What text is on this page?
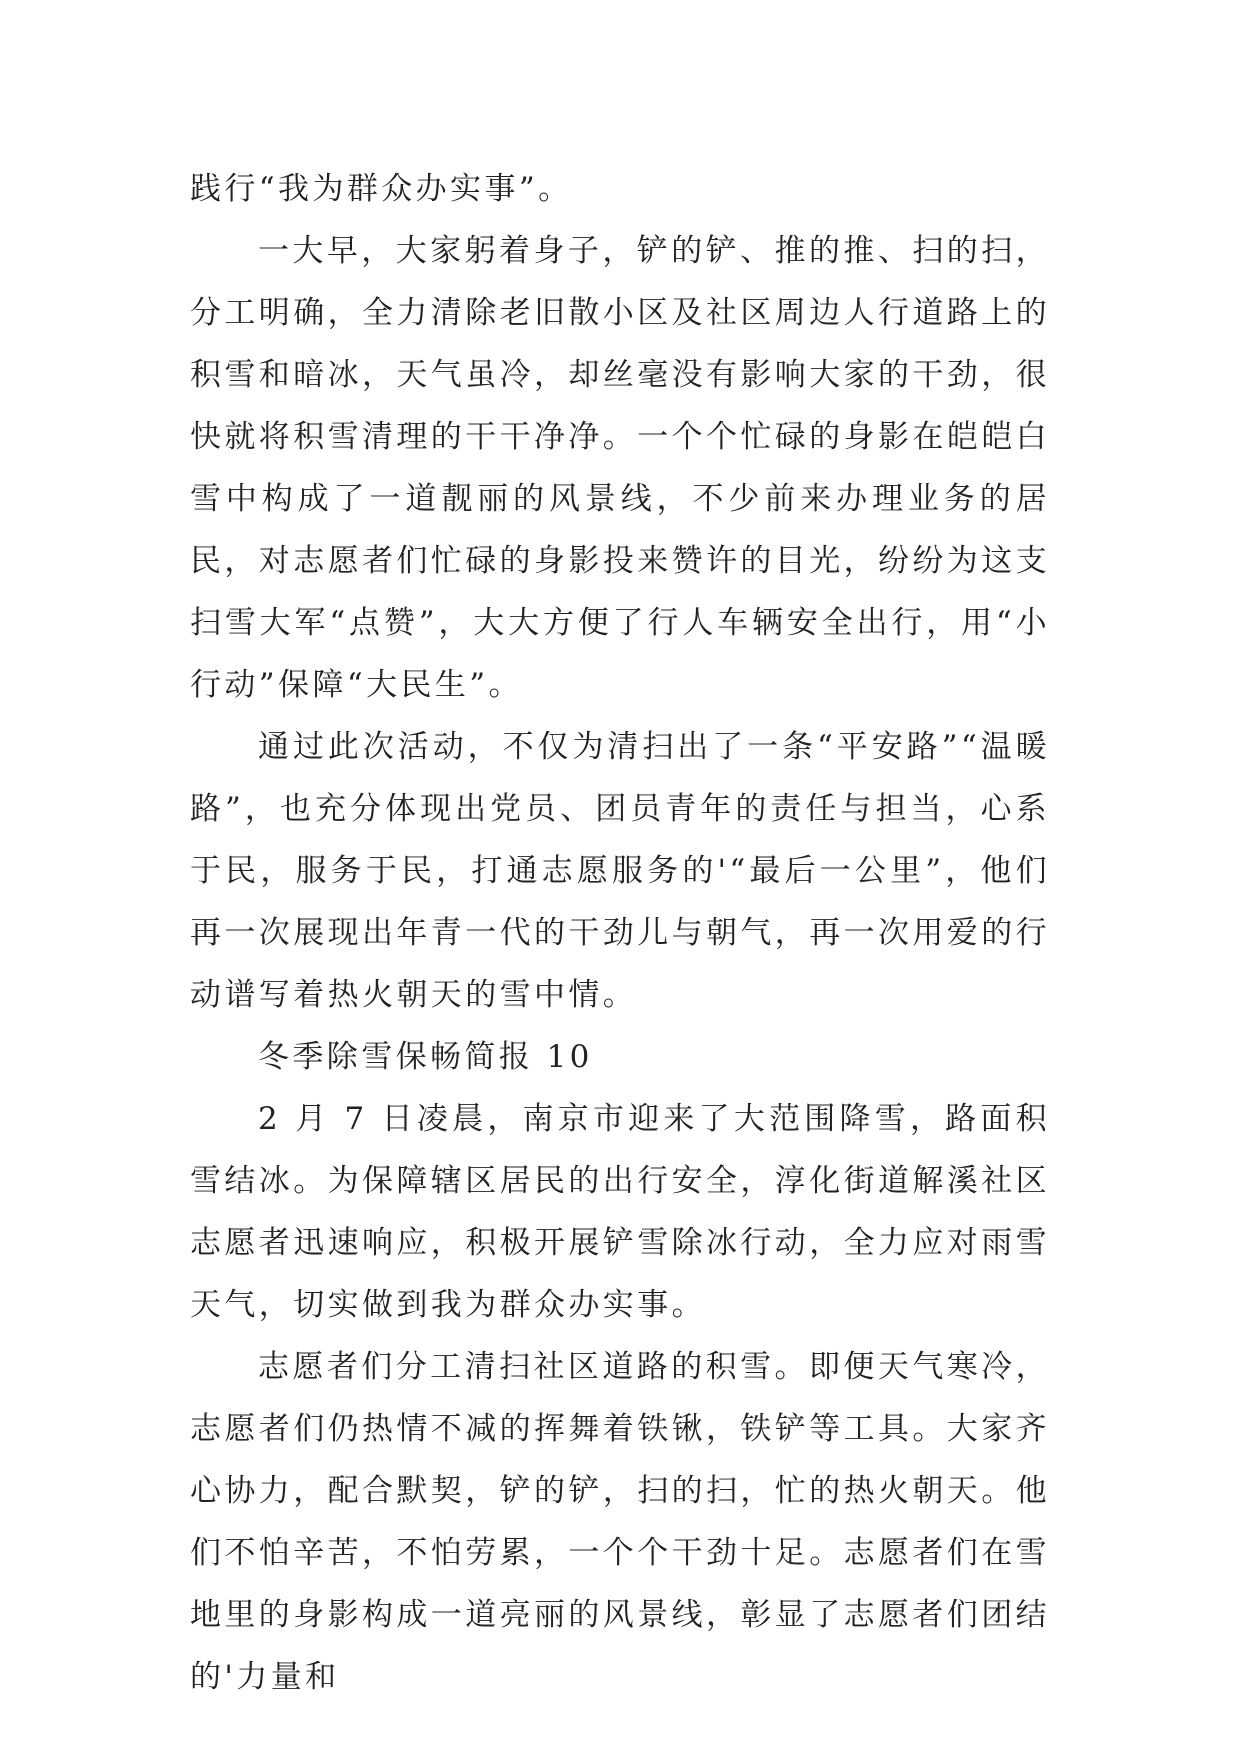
践行“我为群众办实事”。

一大早，大家躬着身子，铲的铲、推的推、扫的扫，分工明确，全力清除老旧散小区及社区周边人行道路上的积雪和暗冰，天气虽冷，却丝毫没有影响大家的干劲，很快就将积雪清理的干干净净。一个个忙碌的身影在皑皑白雪中构成了一道靓丽的风景线，不少前来办理业务的居民，对志愿者们忙碌的身影投来赞许的目光，纷纷为这支扫雪大军“点赞”，大大方便了行人车辆安全出行，用“小行动”保障“大民生”。

通过此次活动，不仅为清扫出了一条“平安路”“温暖路”，也充分体现出党员、团员青年的责任与担当，心系于民，服务于民，打通志愿服务的'“最后一公里”，他们再一次展现出年青一代的干劲儿与朝气，再一次用爱的行动谱写着热火朝天的雪中情。

冬季除雪保畅简报 10

2 月 7 日凌晨，南京市迎来了大范围降雪，路面积雪结冰。为保障辖区居民的出行安全，淳化街道解溪社区志愿者迅速响应，积极开展铲雪除冰行动，全力应对雨雪天气，切实做到我为群众办实事。

志愿者们分工清扫社区道路的积雪。即便天气寒冷，志愿者们仍热情不减的挥舞着铁锹，铁铲等工具。大家齐心协力，配合默契，铲的铲，扫的扫，忙的热火朝天。他们不怕辛苦，不怕劳累，一个个干劲十足。志愿者们在雪地里的身影构成一道亮丽的风景线，彰显了志愿者们团结的'力量和
